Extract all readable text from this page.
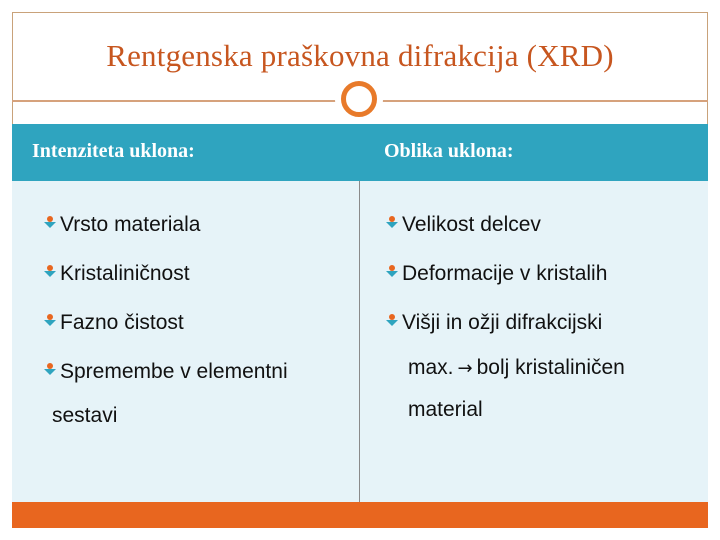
Rentgenska praškovna difrakcija (XRD)
Intenziteta uklona:	Oblika uklona:
Vrsto materiala
Kristaliničnost
Fazno čistost
Spremembe v elementni
sestavi
Velikost delcev
Deformacije v kristalih
Višji in ožji difrakcijski
max. → bolj kristaliničen
material
